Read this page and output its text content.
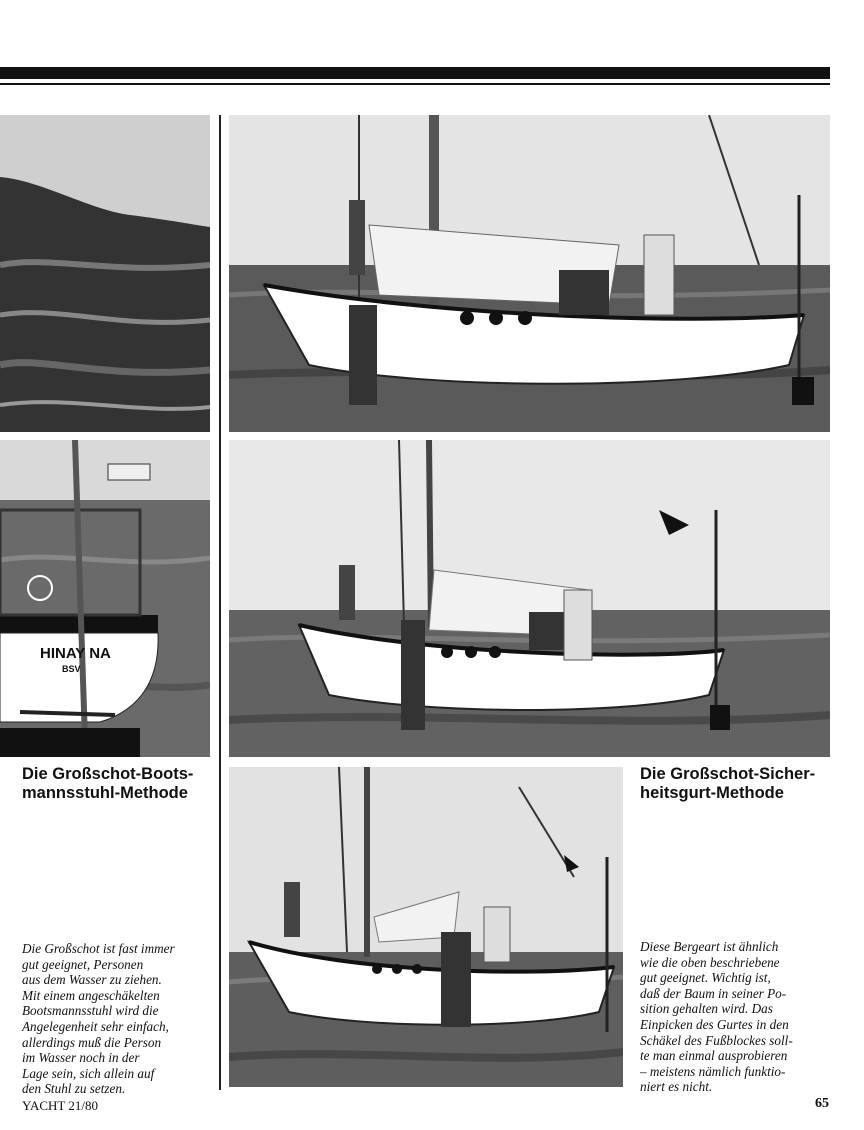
HINAY NA
BSV
Die Großschot-Boots-
mannsstuhl-Methode
Die Großschot-Sicher-
heitsgurt-Methode
Die Großschot ist fast immer
gut geeignet, Personen
aus dem Wasser zu ziehen.
Mit einem angeschäkelten
Bootsmannsstuhl wird die
Angelegenheit sehr einfach,
allerdings muß die Person
im Wasser noch in der
Lage sein, sich allein auf
den Stuhl zu setzen.
Diese Bergeart ist ähnlich
wie die oben beschriebene
gut geeignet. Wichtig ist,
daß der Baum in seiner Po-
sition gehalten wird. Das
Einpicken des Gurtes in den
Schäkel des Fußblockes soll-
te man einmal ausprobieren
– meistens nämlich funktio-
niert es nicht.
YACHT 21/80	65
